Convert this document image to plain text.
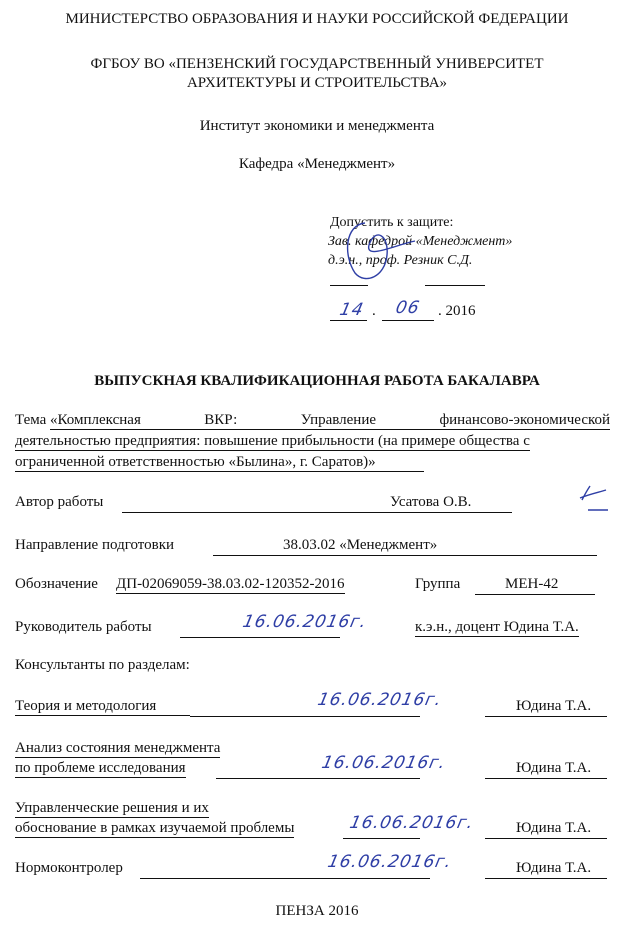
МИНИСТЕРСТВО ОБРАЗОВАНИЯ И НАУКИ РОССИЙСКОЙ ФЕДЕРАЦИИ
ФГБОУ ВО «ПЕНЗЕНСКИЙ ГОСУДАРСТВЕННЫЙ УНИВЕРСИТЕТ
АРХИТЕКТУРЫ И СТРОИТЕЛЬСТВА»
Институт экономики и менеджмента
Кафедра «Менеджмент»
Допустить к защите:
Зав. кафедрой «Менеджмент»
д.э.н., проф. Резник С.Д.
14 . 06 . 2016
ВЫПУСКНАЯ КВАЛИФИКАЦИОННАЯ РАБОТА БАКАЛАВРА
Тема «Комплексная ВКР: Управление финансово-экономической
деятельностью предприятия: повышение прибыльности (на примере общества с
ограниченной ответственностью «Былина», г. Саратов)»
Автор работы	Усатова О.В.
Направление подготовки	38.03.02 «Менеджмент»
Обозначение ДП-02069059-38.03.02-120352-2016	Группа	МЕН-42
Руководитель работы	16.06.2016г.	к.э.н., доцент Юдина Т.А.
Консультанты по разделам:
Теория и методология	16.06.2016г.	Юдина Т.А.
Анализ состояния менеджмента
по проблеме исследования	16.06.2016г.	Юдина Т.А.
Управленческие решения и их
обоснование в рамках изучаемой проблемы	16.06.2016г.	Юдина Т.А.
Нормоконтролер	16.06.2016г.	Юдина Т.А.
ПЕНЗА 2016
